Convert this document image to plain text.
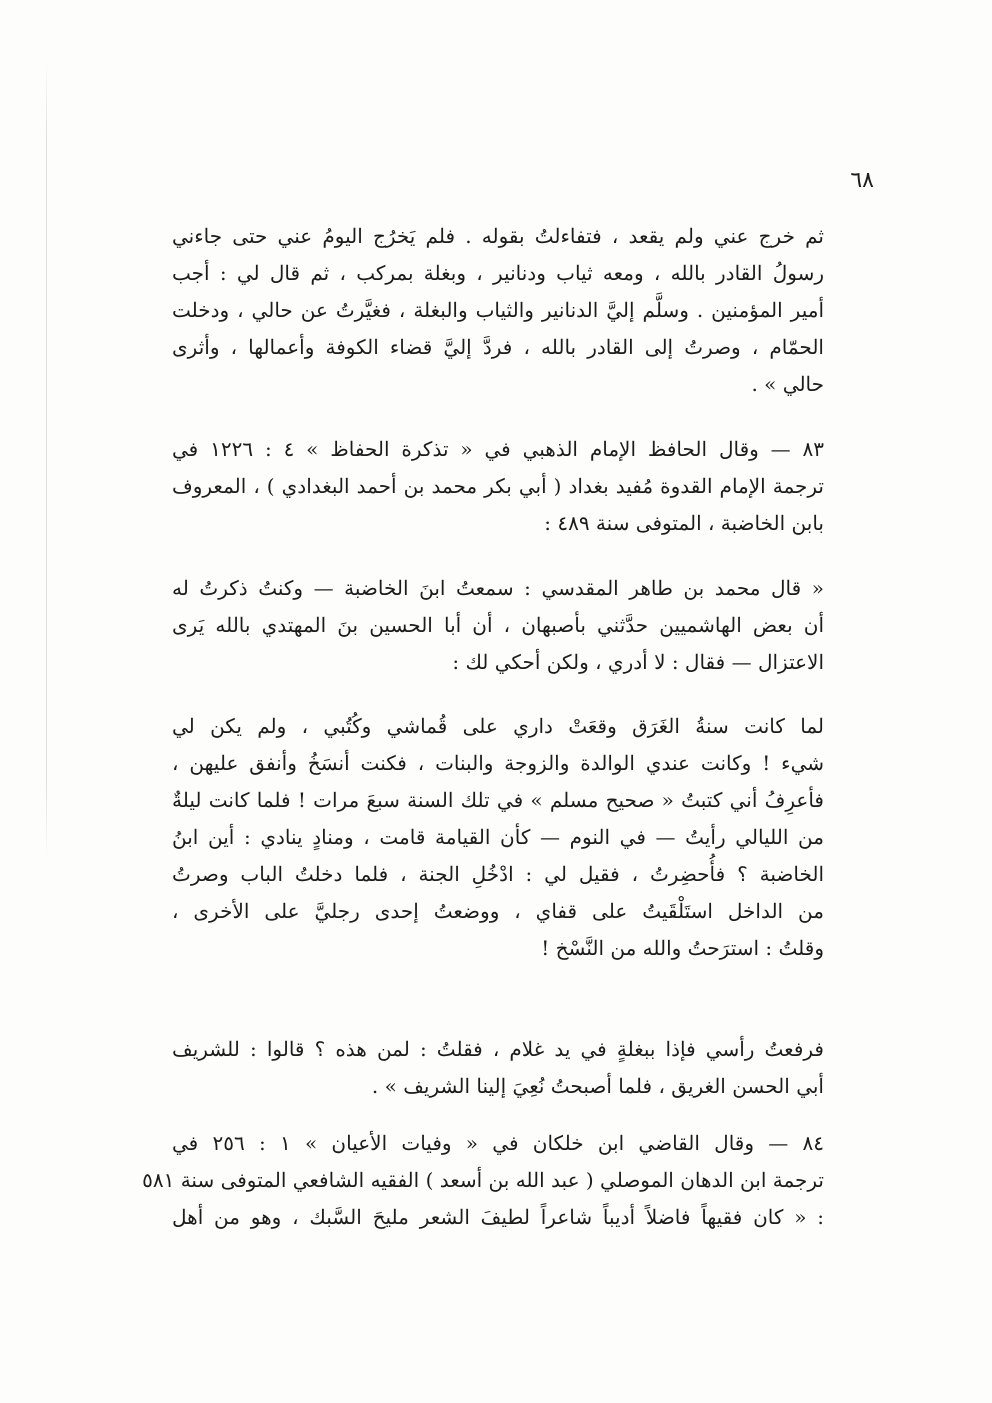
٦٨
ثم خرج عني ولم يقعد ، فتفاءلتُ بقوله . فلم يَخرُج اليومُ عني حتى جاءني
رسولُ القادر بالله ، ومعه ثياب ودنانير ، وبغلة بمركب ، ثم قال لي : أجب
أمير المؤمنين . وسلَّم إليَّ الدنانير والثياب والبغلة ، فغيَّرتُ عن حالي ، ودخلت
الحمّام ، وصرتُ إلى القادر بالله ، فردَّ إليَّ قضاء الكوفة وأعمالها ، وأثرى
حالي » .
٨٣ — وقال الحافظ الإمام الذهبي في « تذكرة الحفاظ » ٤ : ١٢٢٦ في
ترجمة الإمام القدوة مُفيد بغداد ( أبي بكر محمد بن أحمد البغدادي ) ، المعروف
بابن الخاضبة ، المتوفى سنة ٤٨٩ :
« قال محمد بن طاهر المقدسي : سمعتُ ابنَ الخاضبة — وكنتُ ذكرتُ له
أن بعض الهاشميين حدَّثني بأصبهان ، أن أبا الحسين بنَ المهتدي بالله يَرى
الاعتزال — فقال : لا أدري ، ولكن أحكي لك :
لما كانت سنةُ الغَرَق وقعَتْ داري على قُماشي وكُتُبي ، ولم يكن لي
شيء ! وكانت عندي الوالدة والزوجة والبنات ، فكنت أنسَخُ وأنفق عليهن ،
فأعرِفُ أني كتبتُ « صحيح مسلم » في تلك السنة سبعَ مرات ! فلما كانت ليلةٌ
من الليالي رأيتُ — في النوم — كأن القيامة قامت ، ومنادٍ ينادي : أين ابنُ
الخاضبة ؟ فأُحضِرتُ ، فقيل لي : ادْخُلِ الجنة ، فلما دخلتُ الباب وصرتُ
من الداخل استَلْقَيتُ على قفاي ، ووضعتُ إحدى رجليَّ على الأخرى ،
وقلتُ : استرَحتُ والله من النَّسْخ !
فرفعتُ رأسي فإذا ببغلةٍ في يد غلام ، فقلتُ : لمن هذه ؟ قالوا : للشريف
أبي الحسن الغريق ، فلما أصبحتُ نُعِيَ إلينا الشريف » .
٨٤ — وقال القاضي ابن خلكان في « وفيات الأعيان » ١ : ٢٥٦ في
ترجمة ابن الدهان الموصلي ( عبد الله بن أسعد ) الفقيه الشافعي المتوفى سنة ٥٨١
: « كان فقيهاً فاضلاً أديباً شاعراً لطيفَ الشعر مليحَ السَّبك ، وهو من أهل
